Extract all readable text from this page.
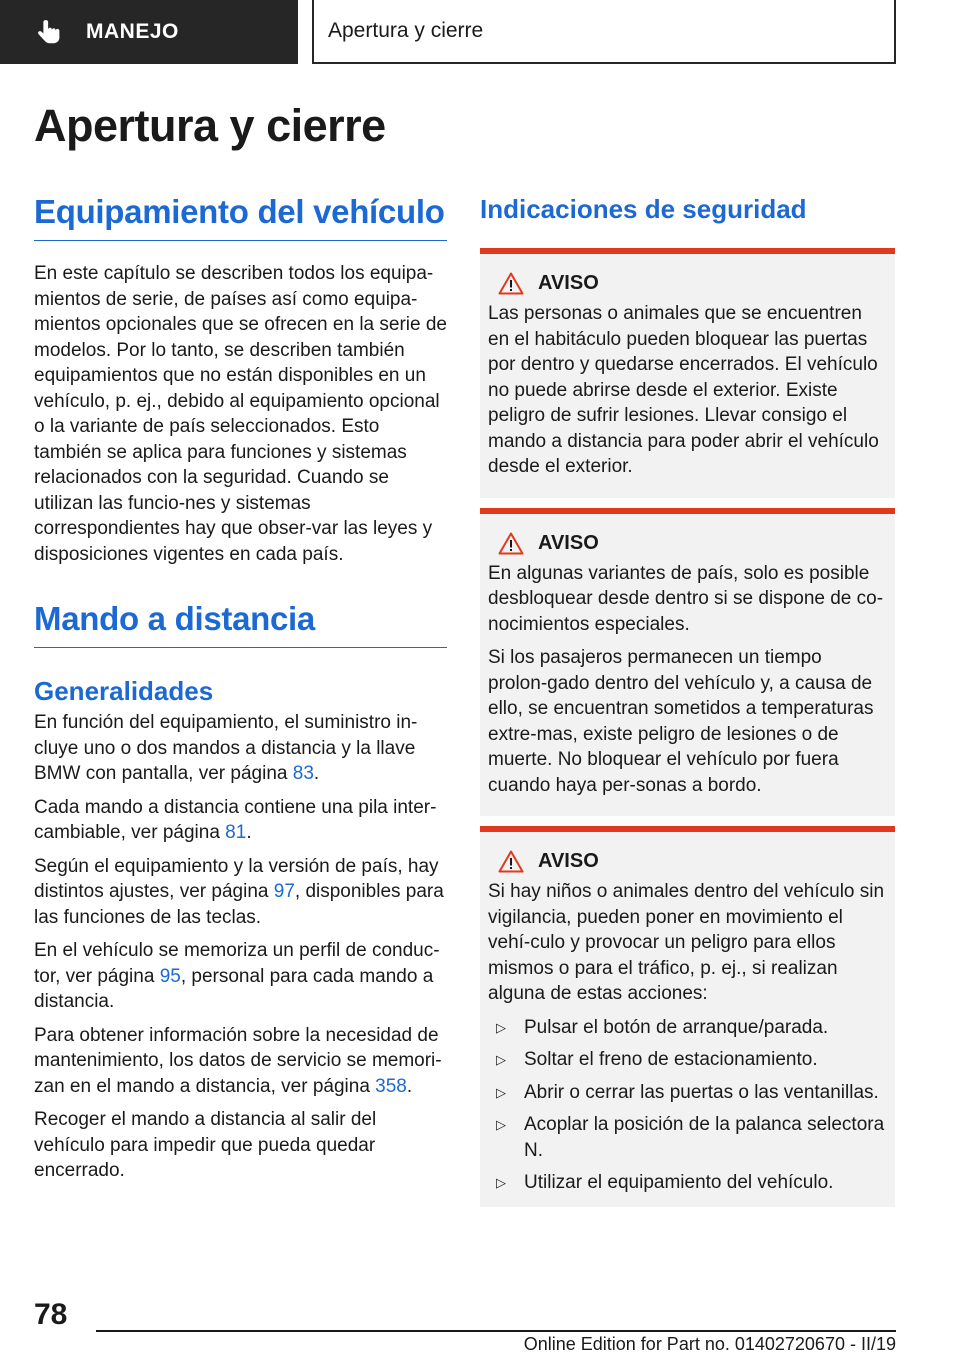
MANEJO	Apertura y cierre
Apertura y cierre
Equipamiento del vehículo

En este capítulo se describen todos los equipa-mientos de serie, de países así como equipa-mientos opcionales que se ofrecen en la serie de modelos. Por lo tanto, se describen también equipamientos que no están disponibles en un vehículo, p. ej., debido al equipamiento opcional o la variante de país seleccionados. Esto también se aplica para funciones y sistemas relacionados con la seguridad. Cuando se utilizan las funcio-nes y sistemas correspondientes hay que obser-var las leyes y disposiciones vigentes en cada país.

Mando a distancia
Generalidades

En función del equipamiento, el suministro in-cluye uno o dos mandos a distancia y la llave BMW con pantalla, ver página 83.

Cada mando a distancia contiene una pila inter-cambiable, ver página 81.

Según el equipamiento y la versión de país, hay distintos ajustes, ver página 97, disponibles para las funciones de las teclas.

En el vehículo se memoriza un perfil de conduc-tor, ver página 95, personal para cada mando a distancia.

Para obtener información sobre la necesidad de mantenimiento, los datos de servicio se memori-zan en el mando a distancia, ver página 358.

Recoger el mando a distancia al salir del vehículo para impedir que pueda quedar encerrado.

Indicaciones de seguridad
AVISO

Las personas o animales que se encuentren en el habitáculo pueden bloquear las puertas por dentro y quedarse encerrados. El vehículo no puede abrirse desde el exterior. Existe peligro de sufrir lesiones. Llevar consigo el mando a distancia para poder abrir el vehículo desde el exterior.

AVISO

En algunas variantes de país, solo es posible desbloquear desde dentro si se dispone de co-nocimientos especiales.

Si los pasajeros permanecen un tiempo prolon-gado dentro del vehículo y, a causa de ello, se encuentran sometidos a temperaturas extre-mas, existe peligro de lesiones o de muerte. No bloquear el vehículo por fuera cuando haya per-sonas a bordo.

AVISO

Si hay niños o animales dentro del vehículo sin vigilancia, pueden poner en movimiento el vehí-culo y provocar un peligro para ellos mismos o para el tráfico, p. ej., si realizan alguna de estas acciones:

▷ Pulsar el botón de arranque/parada.
▷ Soltar el freno de estacionamiento.
▷ Abrir o cerrar las puertas o las ventanillas.
▷ Acoplar la posición de la palanca selectora N.
▷ Utilizar el equipamiento del vehículo.
78
Online Edition for Part no. 01402720670 - II/19
